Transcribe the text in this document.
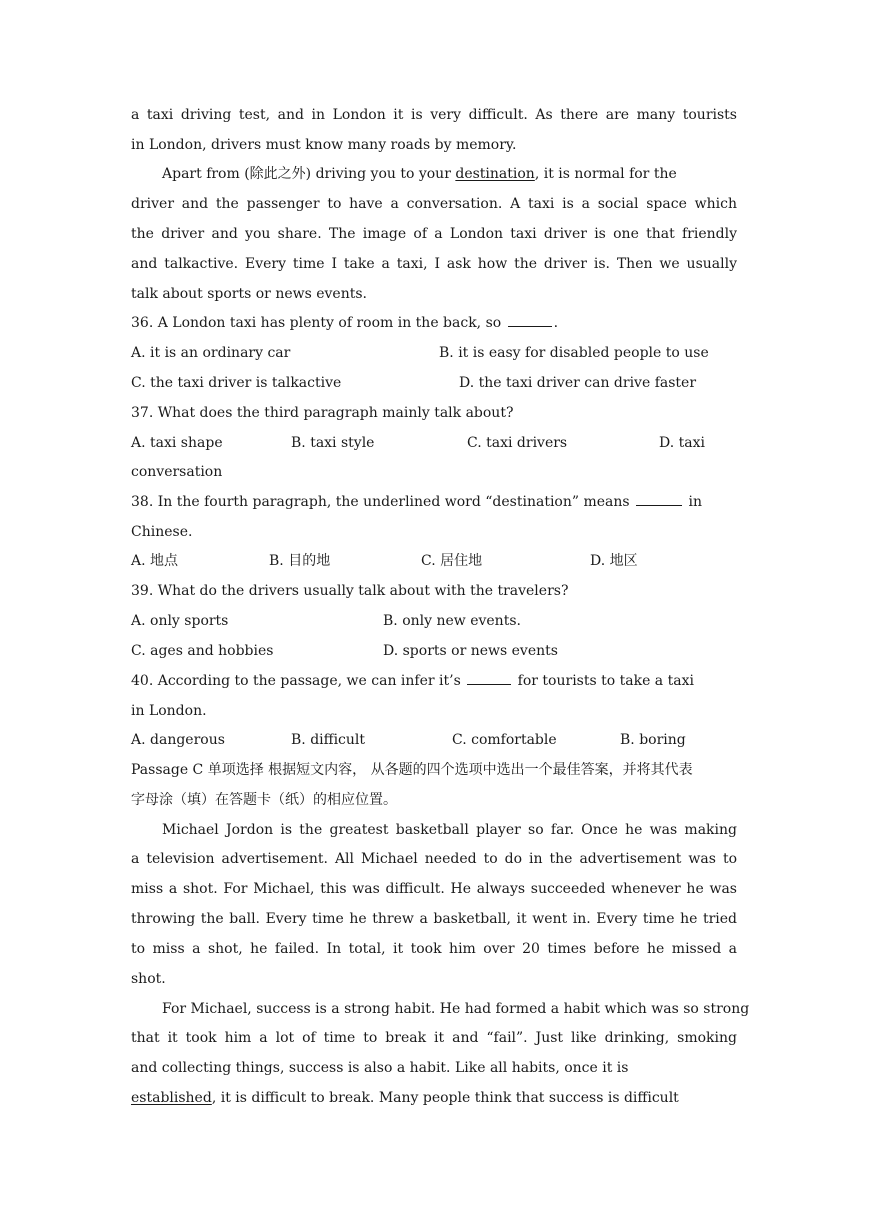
a taxi driving test, and in London it is very difficult. As there are many tourists
in London, drivers must know many roads by memory.
Apart from (除此之外) driving you to your destination, it is normal for the
driver and the passenger to have a conversation. A taxi is a social space which
the driver and you share. The image of a London taxi driver is one that friendly
and talkactive. Every time I take a taxi, I ask how the driver is. Then we usually
talk about sports or news events.
36. A London taxi has plenty of room in the back, so	.
A. it is an ordinary car	B. it is easy for disabled people to use
C. the taxi driver is talkactive	D. the taxi driver can drive faster
37. What does the third paragraph mainly talk about?
A. taxi shape	B. taxi style	C. taxi drivers	D. taxi
conversation
38. In the fourth paragraph, the underlined word “destination” means	in
Chinese.
A. 地点	B. 目的地	C. 居住地	D. 地区
39. What do the drivers usually talk about with the travelers?
A. only sports	B. only new events.
C. ages and hobbies	D. sports or news events
40. According to the passage, we can infer it’s	for tourists to take a taxi
in London.
A. dangerous	B. difficult	C. comfortable	B. boring
Passage C 单项选择 根据短文内容， 从各题的四个选项中选出一个最佳答案，并将其代表
字母涂（填）在答题卡（纸）的相应位置。
Michael Jordon is the greatest basketball player so far. Once he was making
a television advertisement. All Michael needed to do in the advertisement was to
miss a shot. For Michael, this was difficult. He always succeeded whenever he was
throwing the ball. Every time he threw a basketball, it went in. Every time he tried
to miss a shot, he failed. In total, it took him over 20 times before he missed a
shot.
For Michael, success is a strong habit. He had formed a habit which was so strong
that it took him a lot of time to break it and “fail”. Just like drinking, smoking
and collecting things, success is also a habit. Like all habits, once it is
established, it is difficult to break. Many people think that success is difficult
